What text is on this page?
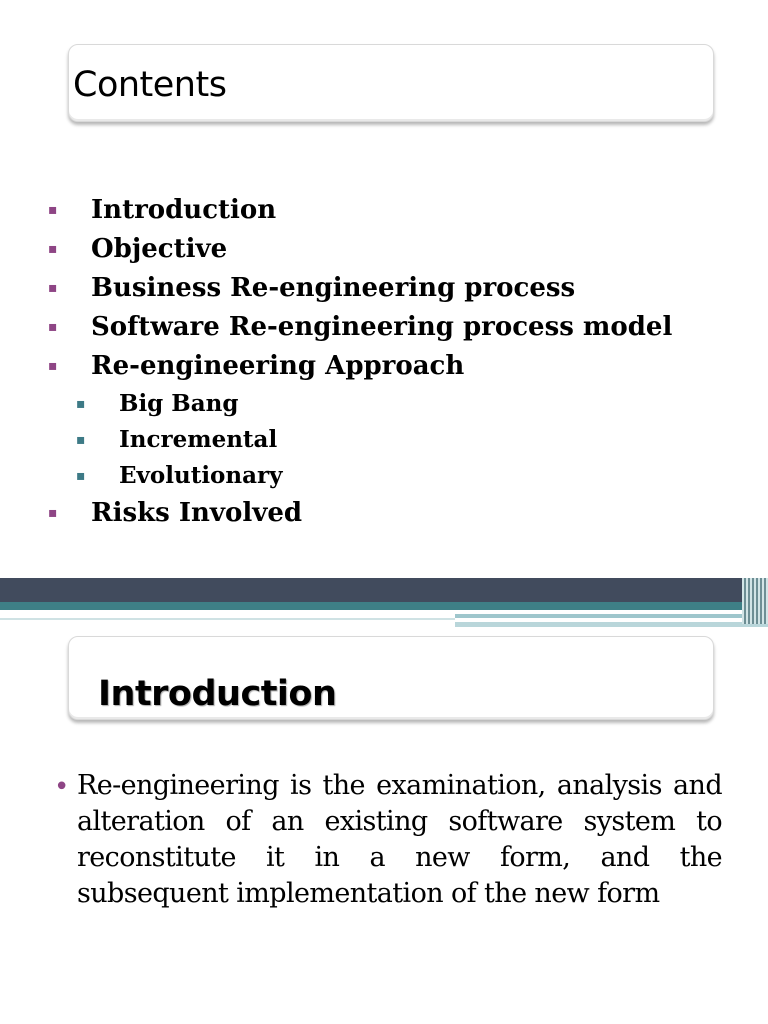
Contents
▪ Introduction
▪ Objective
▪ Business Re-engineering process
▪ Software Re-engineering process model
▪ Re-engineering Approach
▪ Big Bang
▪ Incremental
▪ Evolutionary
▪ Risks Involved
Introduction
• Re-engineering is the examination, analysis and alteration of an existing software system to reconstitute it in a new form, and the subsequent implementation of the new form
